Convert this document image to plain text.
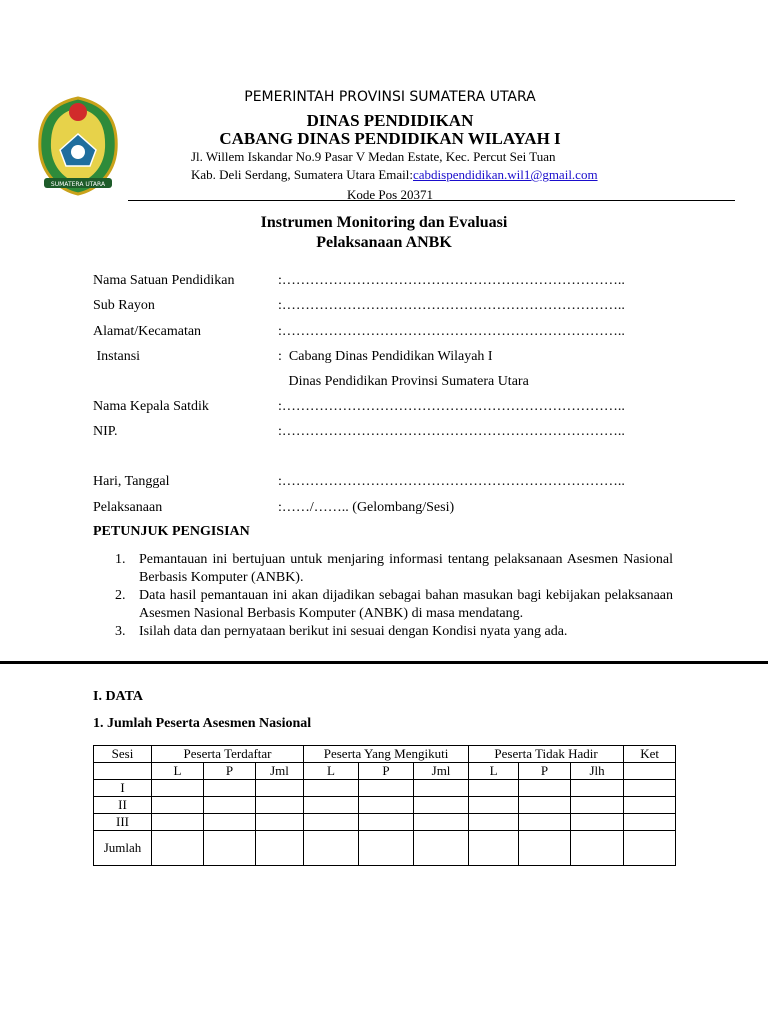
SUMATERA UTARA
PEMERINTAH PROVINSI SUMATERA UTARA
DINAS PENDIDIKAN
CABANG DINAS PENDIDIKAN WILAYAH I
Jl. Willem Iskandar No.9 Pasar V Medan Estate, Kec. Percut Sei Tuan
Kab. Deli Serdang, Sumatera Utara Email:cabdispendidikan.wil1@gmail.com
Kode Pos 20371
Instrumen Monitoring dan Evaluasi
Pelaksanaan ANBK
Nama Satuan Pendidikan	:………………………………………………………………..
Sub Rayon	:………………………………………………………………..
Alamat/Kecamatan	:………………………………………………………………..
Instansi	:  Cabang Dinas Pendidikan Wilayah I
Dinas Pendidikan Provinsi Sumatera Utara
Nama Kepala Satdik	:………………………………………………………………..
NIP.	:………………………………………………………………..
Hari, Tanggal	:………………………………………………………………..
Pelaksanaan	:……/…….. (Gelombang/Sesi)
PETUNJUK PENGISIAN
1. Pemantauan ini bertujuan untuk menjaring informasi tentang pelaksanaan Asesmen Nasional Berbasis Komputer (ANBK).
2. Data hasil pemantauan ini akan dijadikan sebagai bahan masukan bagi kebijakan pelaksanaan Asesmen Nasional Berbasis Komputer (ANBK) di masa mendatang.
3. Isilah data dan pernyataan berikut ini sesuai dengan Kondisi nyata yang ada.
I. DATA
1. Jumlah Peserta Asesmen Nasional
Sesi	Peserta Terdaftar			Peserta Yang Mengikuti			Peserta Tidak Hadir			Ket
	L	P	Jml	L	P	Jml	L	P	Jlh	
I										
II										
III										
Jumlah										
